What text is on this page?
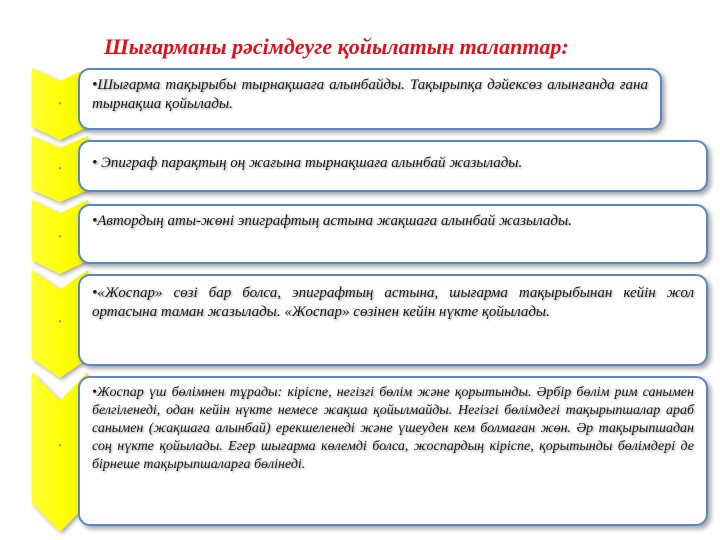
Шығарманы рәсімдеуге қойылатын талаптар:
•

•Шығарма тақырыбы тырнақшаға алынбайды. Тақырыпқа дәйексөз алынғанда ғана тырнақша қойылады.

•	• Эпиграф парақтың оң жағына тырнақшаға алынбай жазылады.

•

•Автордың аты-жөні эпиграфтың астына жақшаға алынбай жазылады.

•

•«Жоспар» сөзі бар болса, эпиграфтың астына, шығарма тақырыбынан кейін жол ортасына таман жазылады. «Жоспар» сөзінен кейін нүкте қойылады.

•

•Жоспар үш бөлімнен тұрады: кіріспе, негізгі бөлім және қорытынды. Әрбір бөлім рим санымен белгіленеді, одан кейін нүкте немесе жақша қойылмайды. Негізгі бөлімдегі тақырыпшалар араб санымен (жақшаға алынбай) ерекшеленеді және үшеуден кем болмаған жөн. Әр тақырыпшадан соң нүкте қойылады. Егер шығарма көлемді болса, жоспардың кіріспе, қорытынды бөлімдері де бірнеше тақырыпшаларға бөлінеді.
